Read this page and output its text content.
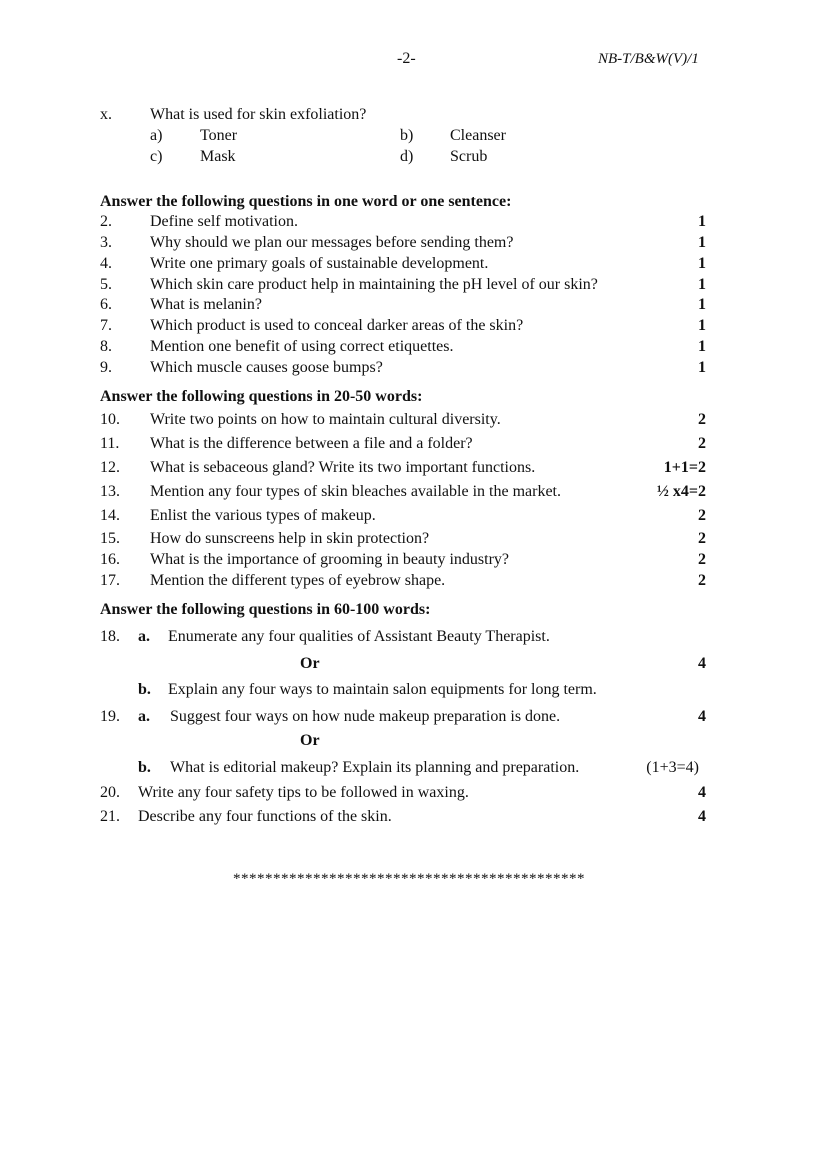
-2-	NB-T/B&W(V)/1
x. What is used for skin exfoliation?
a) Toner	b) Cleanser
c) Mask	d) Scrub
Answer the following questions in one word or one sentence:
2. Define self motivation.	1
3. Why should we plan our messages before sending them?	1
4. Write one primary goals of sustainable development.	1
5. Which skin care product help in maintaining the pH level of our skin?	1
6. What is melanin?	1
7. Which product is used to conceal darker areas of the skin?	1
8. Mention one benefit of using correct etiquettes.	1
9. Which muscle causes goose bumps?	1
Answer the following questions in 20-50 words:
10. Write two points on how to maintain cultural diversity.	2
11. What is the difference between a file and a folder?	2
12. What is sebaceous gland? Write its two important functions.	1+1=2
13. Mention any four types of skin bleaches available in the market.	½ x4=2
14. Enlist the various types of makeup.	2
15. How do sunscreens help in skin protection?	2
16. What is the importance of grooming in beauty industry?	2
17. Mention the different types of eyebrow shape.	2
Answer the following questions in 60-100 words:
18. a. Enumerate any four qualities of Assistant Beauty Therapist.
Or	4
b. Explain any four ways to maintain salon equipments for long term.
19. a. Suggest four ways on how nude makeup preparation is done.	4
Or
b. What is editorial makeup? Explain its planning and preparation.	(1+3=4)
20. Write any four safety tips to be followed in waxing.	4
21. Describe any four functions of the skin.	4
********************************************
